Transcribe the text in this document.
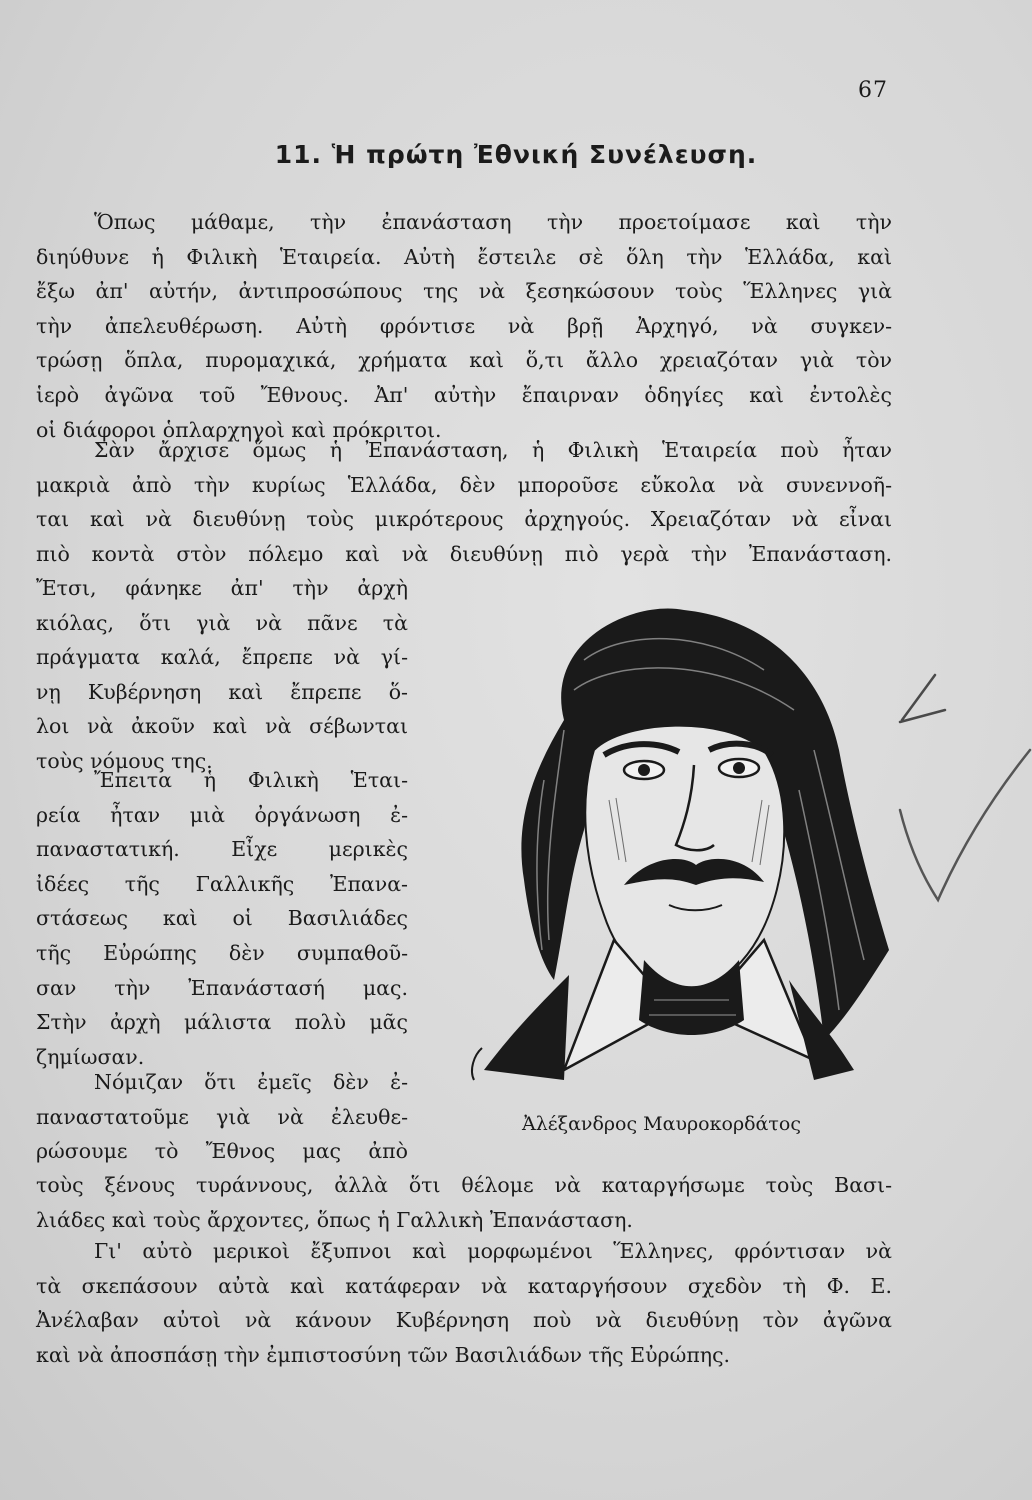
67
11. Ἡ πρώτη Ἐθνική Συνέλευση.
Ὅπως μάθαμε, τὴν ἐπανάσταση τὴν προετοίμασε καὶ τὴν
διηύθυνε ἡ Φιλικὴ Ἑταιρεία. Αὐτὴ ἔστειλε σὲ ὅλη τὴν Ἑλλάδα, καὶ
ἔξω ἀπ' αὐτήν, ἀντιπροσώπους της νὰ ξεσηκώσουν τοὺς Ἕλληνες γιὰ
τὴν ἀπελευθέρωση. Αὐτὴ φρόντισε νὰ βρῇ Ἀρχηγό, νὰ συγκεν-
τρώσῃ ὅπλα, πυρομαχικά, χρήματα καὶ ὅ,τι ἄλλο χρειαζόταν γιὰ τὸν
ἱερὸ ἀγῶνα τοῦ Ἔθνους. Ἀπ' αὐτὴν ἔπαιρναν ὁδηγίες καὶ ἐντολὲς
οἱ διάφοροι ὁπλαρχηγοὶ καὶ πρόκριτοι.
Σὰν ἄρχισε ὅμως ἡ Ἐπανάσταση, ἡ Φιλικὴ Ἑταιρεία ποὺ ἦταν
μακριὰ ἀπὸ τὴν κυρίως Ἑλλάδα, δὲν μποροῦσε εὔκολα νὰ συνεννοῆ-
ται καὶ νὰ διευθύνῃ τοὺς μικρότερους ἀρχηγούς. Χρειαζόταν νὰ εἶναι
πιὸ κοντὰ στὸν πόλεμο καὶ νὰ διευθύνῃ πιὸ γερὰ τὴν Ἐπανάσταση.
Ἔτσι, φάνηκε ἀπ' τὴν ἀρχὴ
κιόλας, ὅτι γιὰ νὰ πᾶνε τὰ
πράγματα καλά, ἔπρεπε νὰ γί-
νῃ Κυβέρνηση καὶ ἔπρεπε ὅ-
λοι νὰ ἀκοῦν καὶ νὰ σέβωνται
τοὺς νόμους της.
Ἔπειτα ἡ Φιλικὴ Ἑται-
ρεία ἦταν μιὰ ὀργάνωση ἐ-
παναστατική. Εἶχε μερικὲς
ἰδέες τῆς Γαλλικῆς Ἐπανα-
στάσεως καὶ οἱ Βασιλιάδες
τῆς Εὐρώπης δὲν συμπαθοῦ-
σαν τὴν Ἐπανάστασή μας.
Στὴν ἀρχὴ μάλιστα πολὺ μᾶς
ζημίωσαν.
Νόμιζαν ὅτι ἐμεῖς δὲν ἐ-
παναστατοῦμε γιὰ νὰ ἐλευθε-
ρώσουμε τὸ Ἔθνος μας ἀπὸ
τοὺς ξένους τυράννους, ἀλλὰ ὅτι θέλομε νὰ καταργήσωμε τοὺς Βασι-
λιάδες καὶ τοὺς ἄρχοντες, ὅπως ἡ Γαλλικὴ Ἐπανάσταση.
Γι' αὐτὸ μερικοὶ ἔξυπνοι καὶ μορφωμένοι Ἕλληνες, φρόντισαν νὰ
τὰ σκεπάσουν αὐτὰ καὶ κατάφεραν νὰ καταργήσουν σχεδὸν τὴ Φ. Ε.
Ἀνέλαβαν αὐτοὶ νὰ κάνουν Κυβέρνηση ποὺ νὰ διευθύνῃ τὸν ἀγῶνα
καὶ νὰ ἀποσπάσῃ τὴν ἐμπιστοσύνη τῶν Βασιλιάδων τῆς Εὐρώπης.
Ἀλέξανδρος Μαυροκορδάτος
